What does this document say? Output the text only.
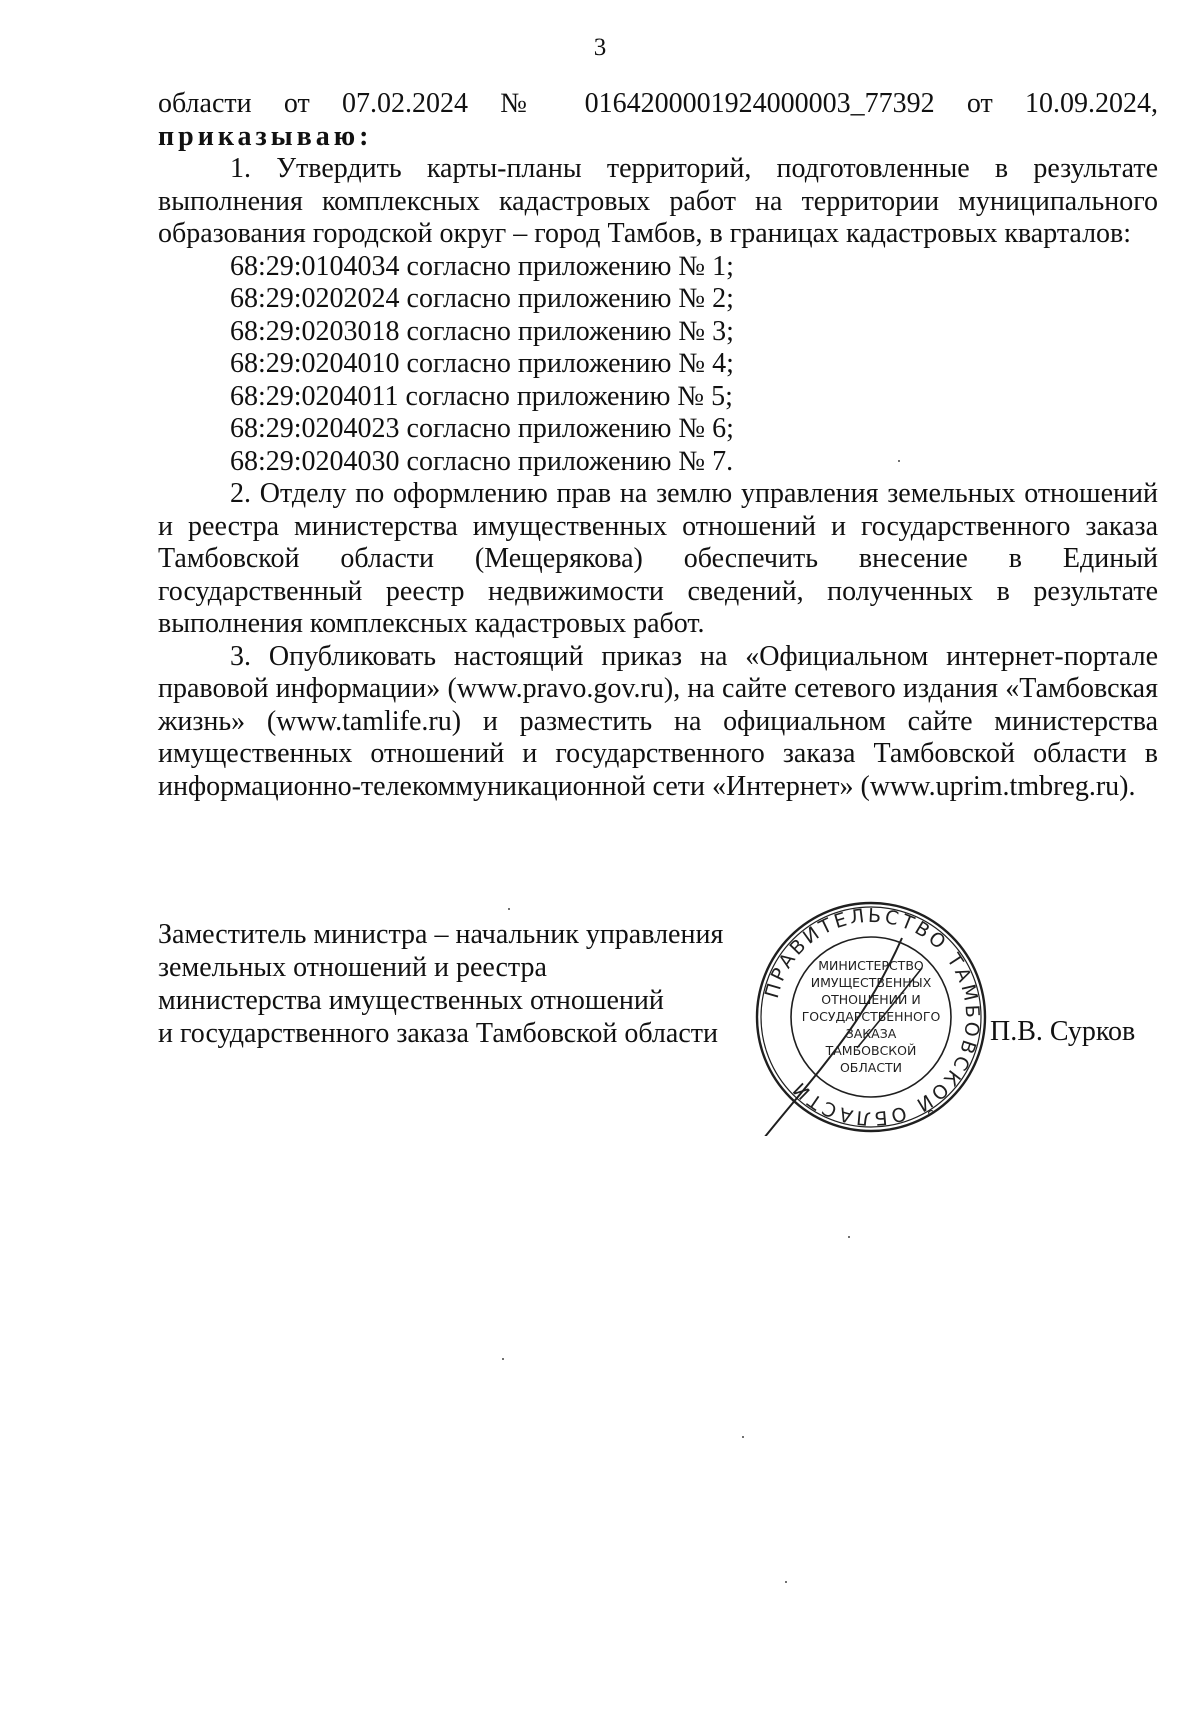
3

области от 07.02.2024 № 0164200001924000003_77392 от 10.09.2024,

приказываю:

1. Утвердить карты-планы территорий, подготовленные в результате выполнения комплексных кадастровых работ на территории муниципального образования городской округ – город Тамбов, в границах кадастровых кварталов:

68:29:0104034 согласно приложению № 1;
68:29:0202024 согласно приложению № 2;
68:29:0203018 согласно приложению № 3;
68:29:0204010 согласно приложению № 4;
68:29:0204011 согласно приложению № 5;
68:29:0204023 согласно приложению № 6;
68:29:0204030 согласно приложению № 7.

2. Отделу по оформлению прав на землю управления земельных отношений и реестра министерства имущественных отношений и государственного заказа Тамбовской области (Мещерякова) обеспечить внесение в Единый государственный реестр недвижимости сведений, полученных в результате выполнения комплексных кадастровых работ.

3. Опубликовать настоящий приказ на «Официальном интернет-портале правовой информации» (www.pravo.gov.ru), на сайте сетевого издания «Тамбовская жизнь» (www.tamlife.ru) и разместить на официальном сайте министерства имущественных отношений и государственного заказа Тамбовской области в информационно-телекоммуникационной сети «Интернет» (www.uprim.tmbreg.ru).

Заместитель министра – начальник управления
земельных отношений и реестра
министерства имущественных отношений
и государственного заказа Тамбовской области	П.В. Сурков
ПРАВИТЕЛЬСТВО ТАМБОВСКОЙ ОБЛАСТИ
МИНИСТЕРСТВО
ИМУЩЕСТВЕННЫХ
ОТНОШЕНИЙ И
ГОСУДАРСТВЕННОГО
ЗАКАЗА
ТАМБОВСКОЙ
ОБЛАСТИ
